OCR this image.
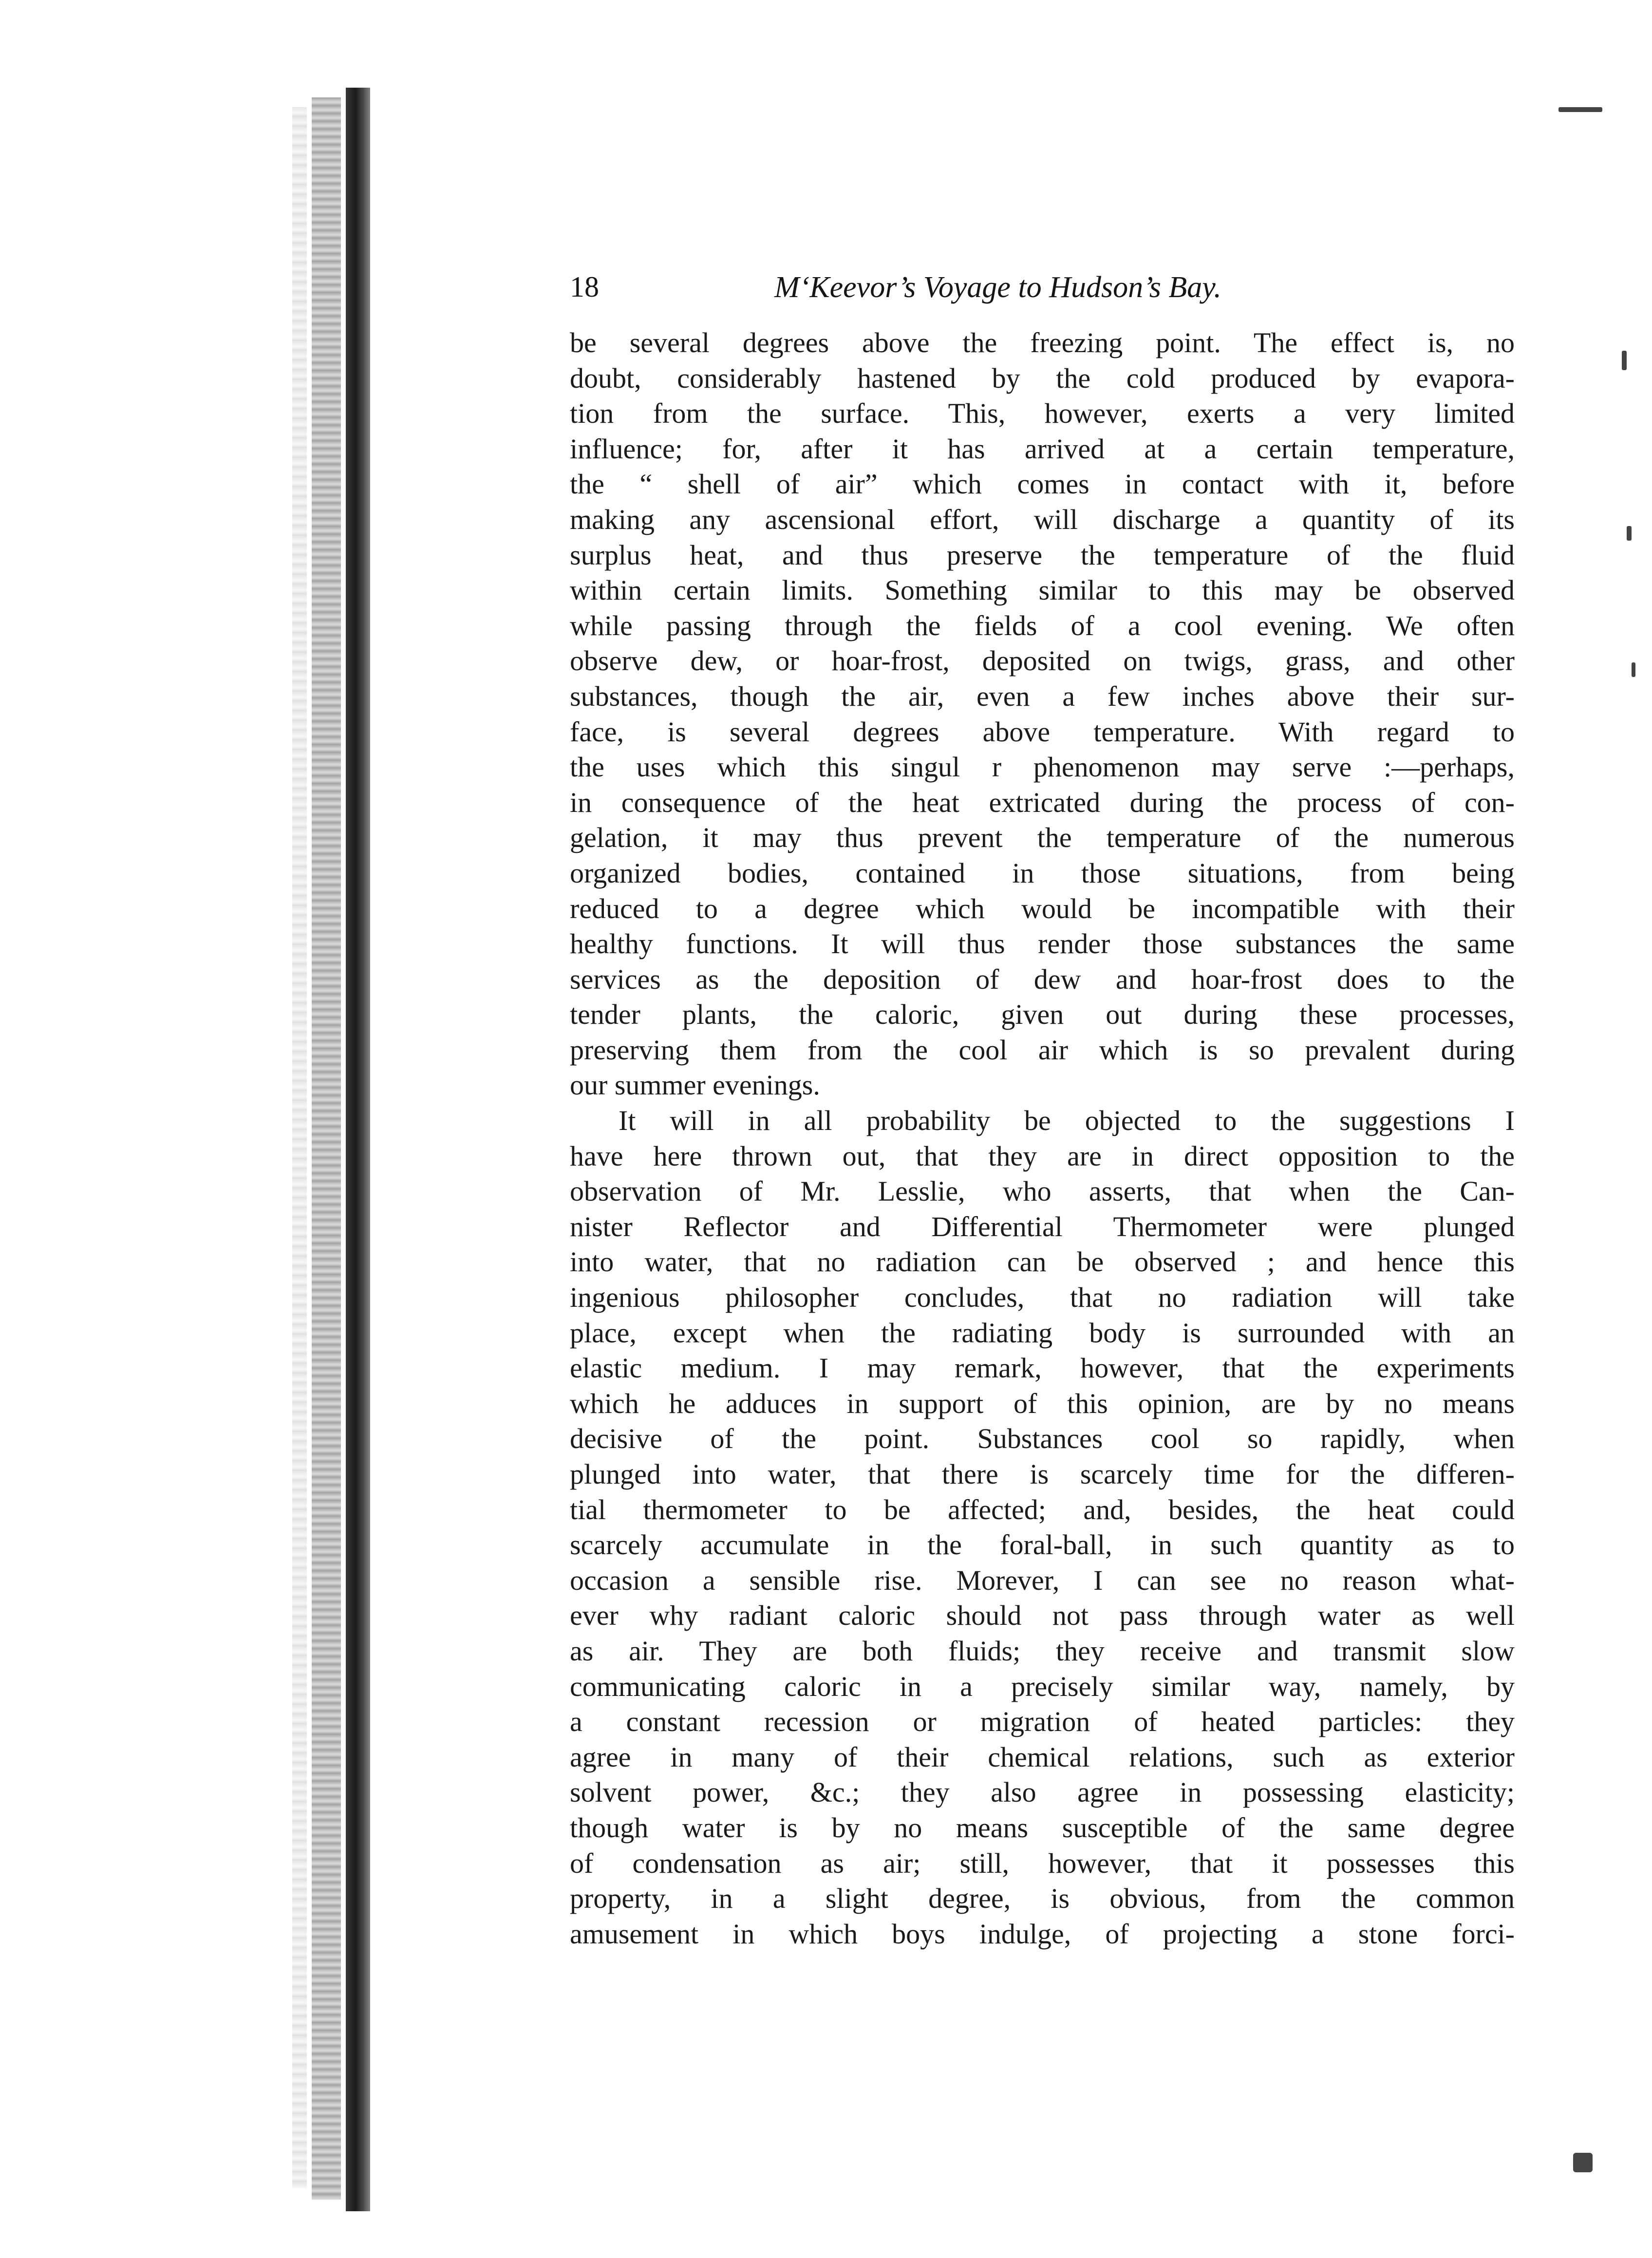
18	M‘Keevor’s Voyage to Hudson’s Bay.
be several degrees above the freezing point. The effect is, no
doubt, considerably hastened by the cold produced by evapora-
tion from the surface. This, however, exerts a very limited
influence; for, after it has arrived at a certain temperature,
the “ shell of air” which comes in contact with it, before
making any ascensional effort, will discharge a quantity of its
surplus heat, and thus preserve the temperature of the fluid
within certain limits. Something similar to this may be observed
while passing through the fields of a cool evening. We often
observe dew, or hoar-frost, deposited on twigs, grass, and other
substances, though the air, even a few inches above their sur-
face, is several degrees above temperature. With regard to
the uses which this singul r phenomenon may serve :—perhaps,
in consequence of the heat extricated during the process of con-
gelation, it may thus prevent the temperature of the numerous
organized bodies, contained in those situations, from being
reduced to a degree which would be incompatible with their
healthy functions. It will thus render those substances the same
services as the deposition of dew and hoar-frost does to the
tender plants, the caloric, given out during these processes,
preserving them from the cool air which is so prevalent during
our summer evenings.
It will in all probability be objected to the suggestions I
have here thrown out, that they are in direct opposition to the
observation of Mr. Lesslie, who asserts, that when the Can-
nister Reflector and Differential Thermometer were plunged
into water, that no radiation can be observed ; and hence this
ingenious philosopher concludes, that no radiation will take
place, except when the radiating body is surrounded with an
elastic medium. I may remark, however, that the experiments
which he adduces in support of this opinion, are by no means
decisive of the point. Substances cool so rapidly, when
plunged into water, that there is scarcely time for the differen-
tial thermometer to be affected; and, besides, the heat could
scarcely accumulate in the foral-ball, in such quantity as to
occasion a sensible rise. Morever, I can see no reason what-
ever why radiant caloric should not pass through water as well
as air. They are both fluids; they receive and transmit slow
communicating caloric in a precisely similar way, namely, by
a constant recession or migration of heated particles: they
agree in many of their chemical relations, such as exterior
solvent power, &c.; they also agree in possessing elasticity;
though water is by no means susceptible of the same degree
of condensation as air; still, however, that it possesses this
property, in a slight degree, is obvious, from the common
amusement in which boys indulge, of projecting a stone forci-
